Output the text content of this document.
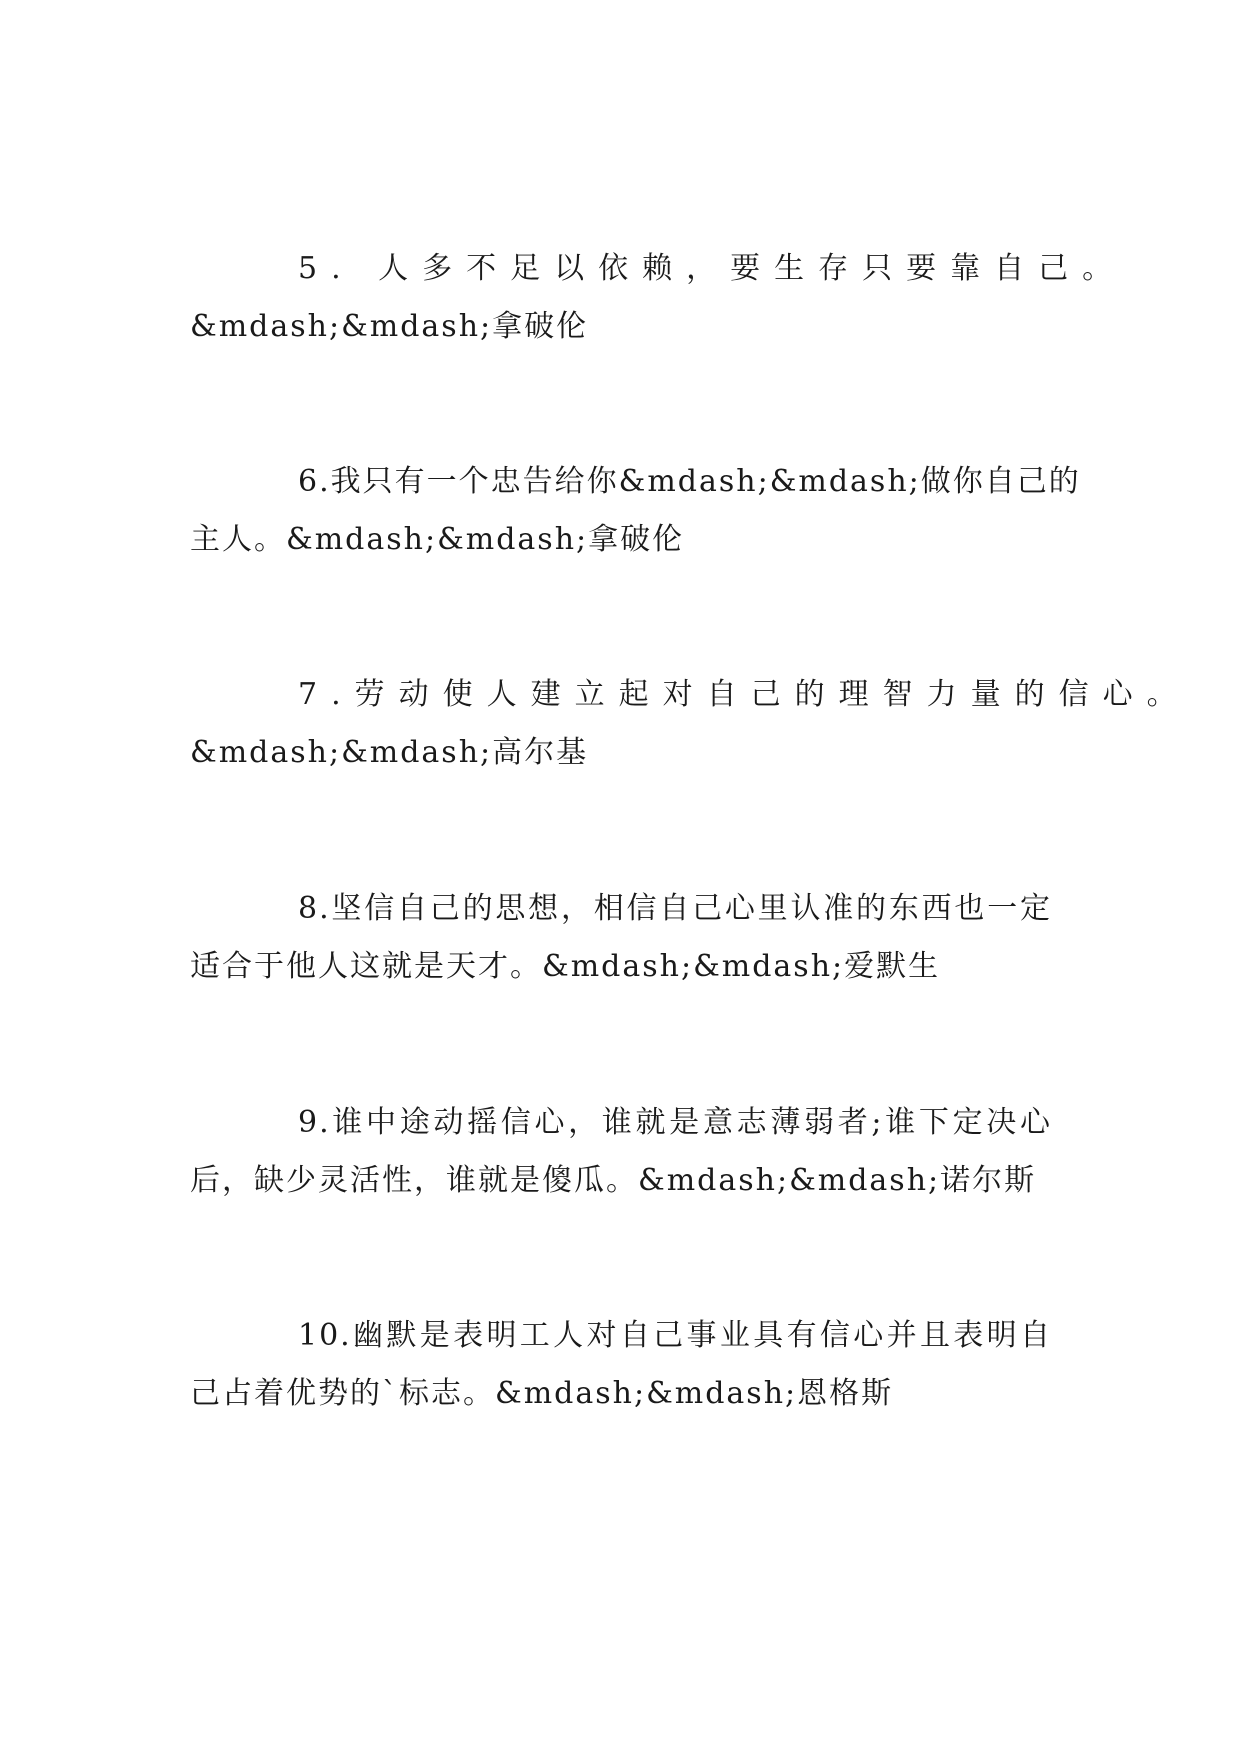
5. 人多不足以依赖，要生存只要靠自己。
&mdash;&mdash;拿破伦

6.我只有一个忠告给你&mdash;&mdash;做你自己的
主人。&mdash;&mdash;拿破伦

7.劳动使人建立起对自己的理智力量的信心。
&mdash;&mdash;高尔基

8.坚信自己的思想，相信自己心里认准的东西也一定
适合于他人这就是天才。&mdash;&mdash;爱默生

9.谁中途动摇信心，谁就是意志薄弱者;谁下定决心
后，缺少灵活性，谁就是傻瓜。&mdash;&mdash;诺尔斯

10.幽默是表明工人对自己事业具有信心并且表明自
己占着优势的`标志。&mdash;&mdash;恩格斯
